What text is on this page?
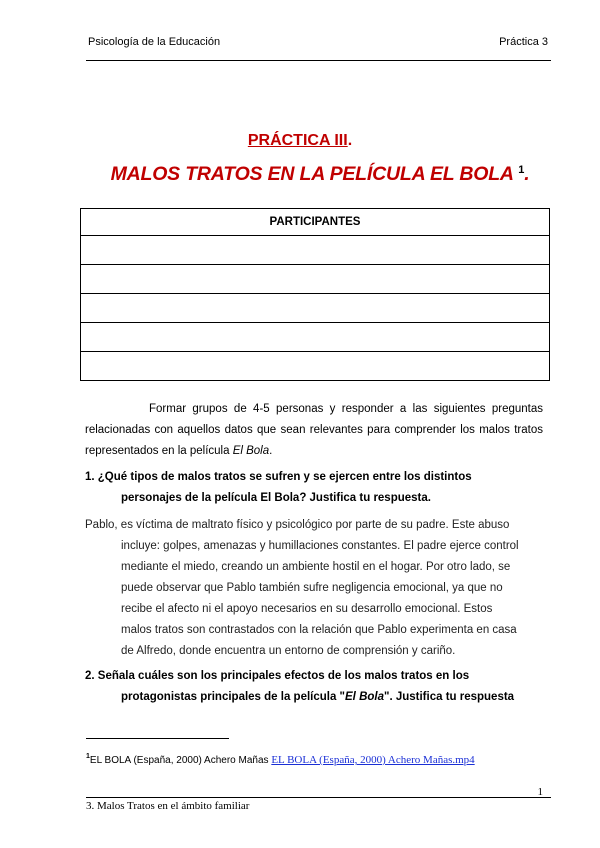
Psicología de la Educación	Práctica 3
PRÁCTICA III.
MALOS TRATOS EN LA PELÍCULA EL BOLA $^1$.
PARTICIPANTES

Formar grupos de 4-5 personas y responder a las siguientes preguntas relacionadas con aquellos datos que sean relevantes para comprender los malos tratos representados en la película El Bola.
1. ¿Qué tipos de malos tratos se sufren y se ejercen entre los distintos
personajes de la película El Bola? Justifica tu respuesta.
Pablo, es víctima de maltrato físico y psicológico por parte de su padre. Este abuso
incluye: golpes, amenazas y humillaciones constantes. El padre ejerce control
mediante el miedo, creando un ambiente hostil en el hogar. Por otro lado, se
puede observar que Pablo también sufre negligencia emocional, ya que no
recibe el afecto ni el apoyo necesarios en su desarrollo emocional. Estos
malos tratos son contrastados con la relación que Pablo experimenta en casa
de Alfredo, donde encuentra un entorno de comprensión y cariño.
2. Señala cuáles son los principales efectos de los malos tratos en los
protagonistas principales de la película "El Bola". Justifica tu respuesta
$^1$EL BOLA (España, 2000) Achero Mañas EL BOLA (España, 2000) Achero Mañas.mp4
1
3. Malos Tratos en el ámbito familiar
